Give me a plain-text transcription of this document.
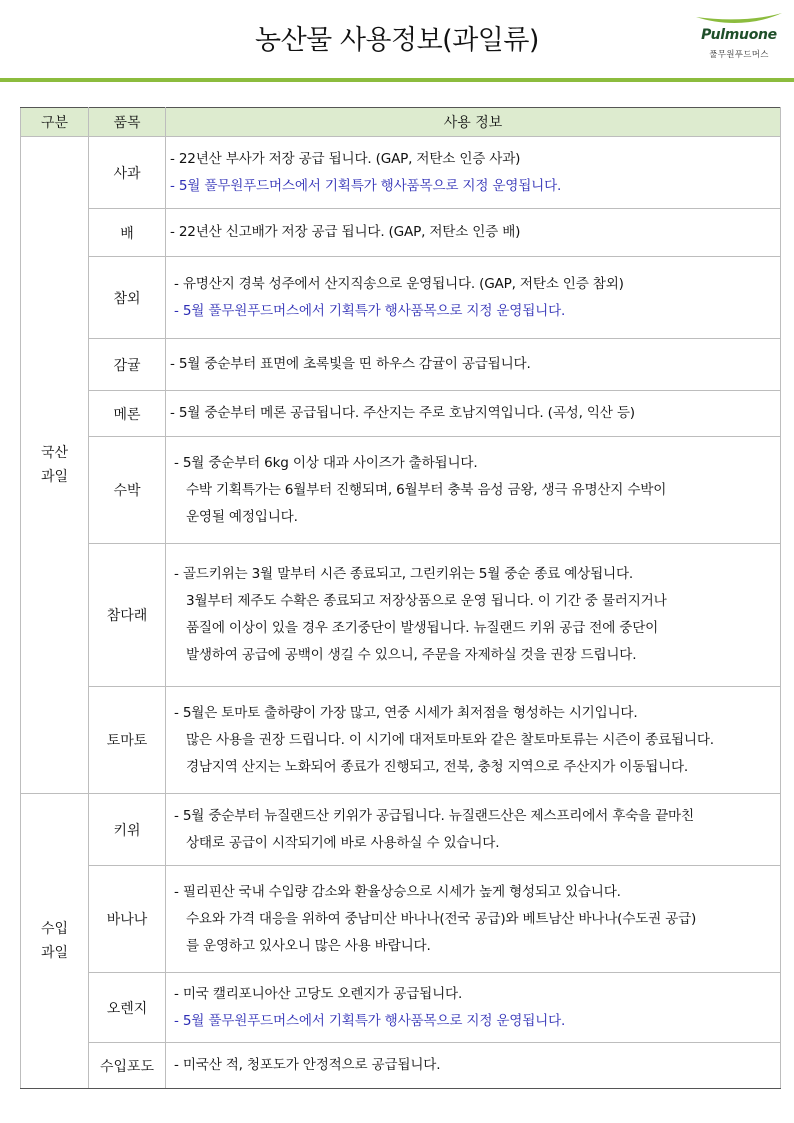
농산물 사용정보(과일류)	Pulmuone
풀무원푸드머스
구분	품목	사용 정보
국산
과일	사과	- 22년산 부사가 저장 공급 됩니다. (GAP, 저탄소 인증 사과)
- 5월 풀무원푸드머스에서 기획특가 행사품목으로 지정 운영됩니다.

	배	- 22년산 신고배가 저장 공급 됩니다. (GAP, 저탄소 인증 배)

	참외	- 유명산지 경북 성주에서 산지직송으로 운영됩니다. (GAP, 저탄소 인증 참외)
- 5월 풀무원푸드머스에서 기획특가 행사품목으로 지정 운영됩니다.

	감귤	- 5월 중순부터 표면에 초록빛을 띤 하우스 감귤이 공급됩니다.

	메론	- 5월 중순부터 메론 공급됩니다. 주산지는 주로 호남지역입니다. (곡성, 익산 등)

	수박	- 5월 중순부터 6kg 이상 대과 사이즈가 출하됩니다.
수박 기획특가는 6월부터 진행되며, 6월부터 충북 음성 금왕, 생극 유명산지 수박이
운영될 예정입니다.

	참다래	- 골드키위는 3월 말부터 시즌 종료되고, 그린키위는 5월 중순 종료 예상됩니다.
3월부터 제주도 수확은 종료되고 저장상품으로 운영 됩니다. 이 기간 중 물러지거나
품질에 이상이 있을 경우 조기중단이 발생됩니다. 뉴질랜드 키위 공급 전에 중단이
발생하여 공급에 공백이 생길 수 있으니, 주문을 자제하실 것을 권장 드립니다.

	토마토	- 5월은 토마토 출하량이 가장 많고, 연중 시세가 최저점을 형성하는 시기입니다.
많은 사용을 권장 드립니다. 이 시기에 대저토마토와 같은 찰토마토류는 시즌이 종료됩니다.
경남지역 산지는 노화되어 종료가 진행되고, 전북, 충청 지역으로 주산지가 이동됩니다.

수입
과일	키위	- 5월 중순부터 뉴질랜드산 키위가 공급됩니다. 뉴질랜드산은 제스프리에서 후숙을 끝마친
상태로 공급이 시작되기에 바로 사용하실 수 있습니다.

	바나나	- 필리핀산 국내 수입량 감소와 환율상승으로 시세가 높게 형성되고 있습니다.
수요와 가격 대응을 위하여 중남미산 바나나(전국 공급)와 베트남산 바나나(수도권 공급)
를 운영하고 있사오니 많은 사용 바랍니다.

	오렌지	- 미국 캘리포니아산 고당도 오렌지가 공급됩니다.
- 5월 풀무원푸드머스에서 기획특가 행사품목으로 지정 운영됩니다.

	수입포도	- 미국산 적, 청포도가 안정적으로 공급됩니다.
